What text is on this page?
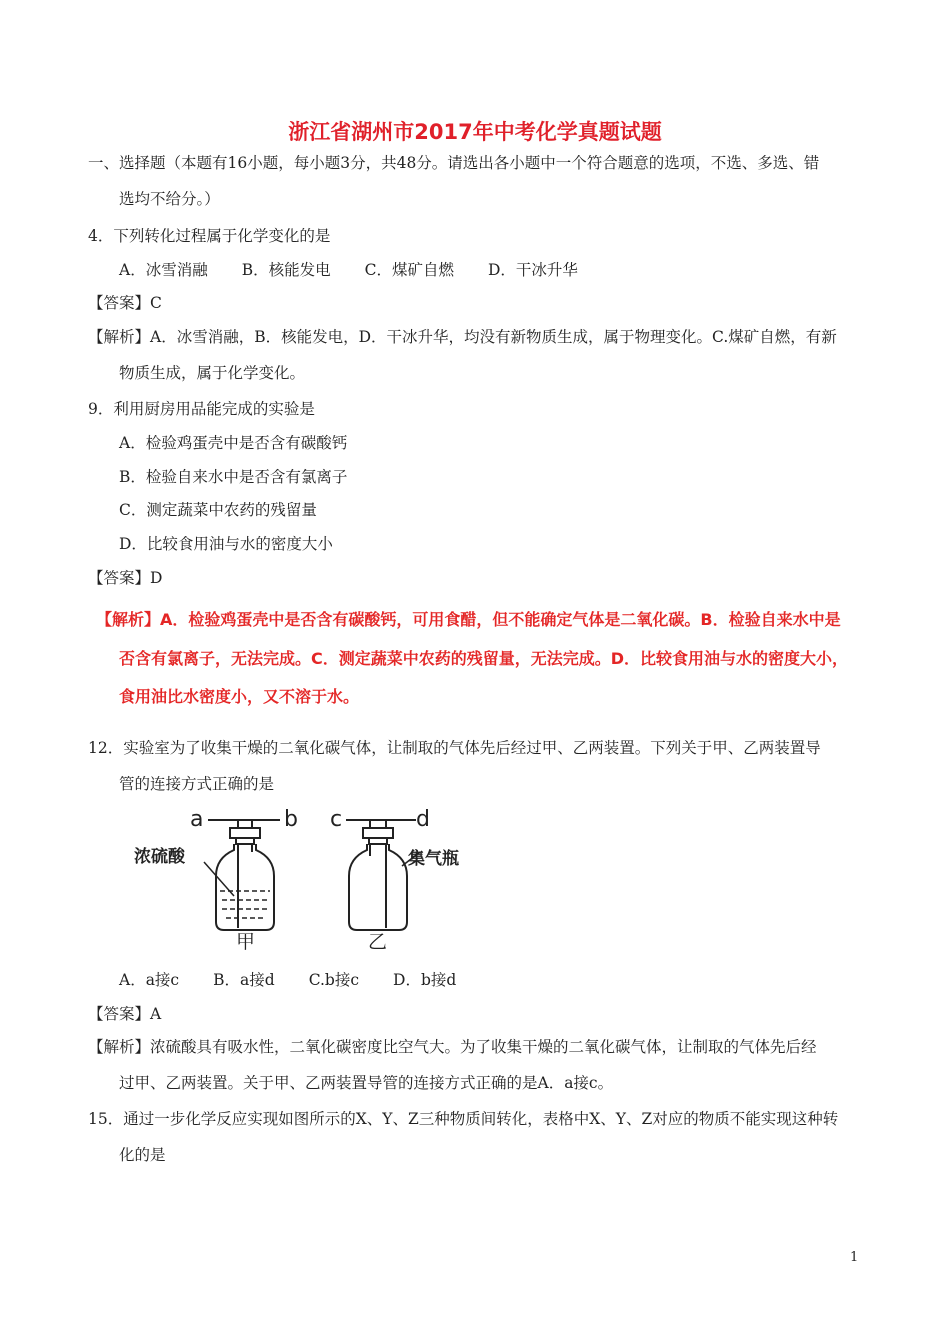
浙江省湖州市2017年中考化学真题试题
一、选择题（本题有16小题，每小题3分，共48分。请选出各小题中一个符合题意的选项，不选、多选、错
选均不给分。）
4．下列转化过程属于化学变化的是
A．冰雪消融 B．核能发电 C．煤矿自燃 D．干冰升华
【答案】C
【解析】A．冰雪消融，B．核能发电，D．干冰升华，均没有新物质生成，属于物理变化。C.煤矿自燃，有新
物质生成，属于化学变化。
9．利用厨房用品能完成的实验是
A．检验鸡蛋壳中是否含有碳酸钙
B．检验自来水中是否含有氯离子
C．测定蔬菜中农药的残留量
D．比较食用油与水的密度大小
【答案】D
【解析】A．检验鸡蛋壳中是否含有碳酸钙，可用食醋，但不能确定气体是二氧化碳。B．检验自来水中是
否含有氯离子，无法完成。C．测定蔬菜中农药的残留量，无法完成。D．比较食用油与水的密度大小，
食用油比水密度小，又不溶于水。
12．实验室为了收集干燥的二氧化碳气体，让制取的气体先后经过甲、乙两装置。下列关于甲、乙两装置导
管的连接方式正确的是
a	b
浓硫酸
甲
c	d
集气瓶
乙
A．a接c B．a接d C.b接c D．b接d
【答案】A
【解析】浓硫酸具有吸水性，二氧化碳密度比空气大。为了收集干燥的二氧化碳气体，让制取的气体先后经
过甲、乙两装置。关于甲、乙两装置导管的连接方式正确的是A．a接c。
15．通过一步化学反应实现如图所示的X、Y、Z三种物质间转化，表格中X、Y、Z对应的物质不能实现这种转
化的是
1
